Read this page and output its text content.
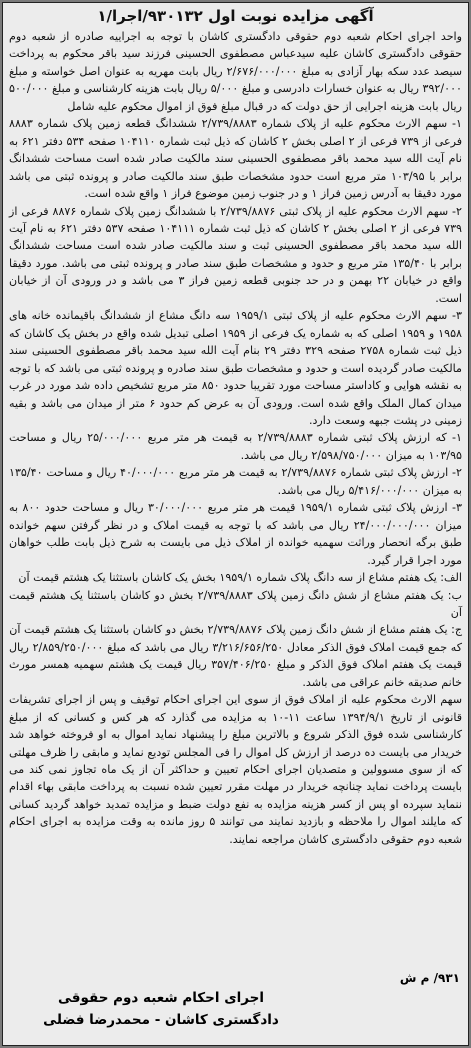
آگهی مزایده نوبت اول ۹۳۰۱۳۲/اجرا/۱

واحد اجرای احکام شعبه دوم حقوقی دادگستری کاشان با توجه به اجراییه صادره از شعبه دوم حقوقی دادگستری کاشان علیه سیدعباس مصطفوی الحسینی فرزند سید باقر محکوم به پرداخت سیصد عدد سکه بهار آزادی به مبلغ ۲/۶۷۶/۰۰۰/۰۰۰ ریال بابت مهریه به عنوان اصل خواسته و مبلغ ۳۹۲/۰۰۰ ریال به عنوان خسارات دادرسی و مبلغ ۵/۰۰۰ ریال بابت هزینه کارشناسی و مبلغ ۵۰۰/۰۰۰ ریال بابت هزینه اجرایی از حق دولت که در قبال مبلغ فوق از اموال محکوم علیه شامل

۱- سهم الارث محکوم علیه از پلاک شماره ۲/۷۳۹/۸۸۸۳ ششدانگ قطعه زمین پلاک شماره ۸۸۸۳ فرعی از ۷۳۹ فرعی از ۲ اصلی بخش ۲ کاشان که ذیل ثبت شماره ۱۰۴۱۱۰ صفحه ۵۳۴ دفتر ۶۲۱ به نام آیت الله سید محمد باقر مصطفوی الحسینی سند مالکیت صادر شده است مساحت ششدانگ برابر با ۱۰۳/۹۵ متر مربع است حدود مشخصات طبق سند مالکیت صادر و پرونده ثبتی می باشد مورد دقیقا به آدرس زمین فراز ۱ و در جنوب زمین موضوع فراز ۱ واقع شده است.

۲- سهم الارث محکوم علیه از پلاک ثبتی ۲/۷۳۹/۸۸۷۶ با ششدانگ زمین پلاک شماره ۸۸۷۶ فرعی از ۷۳۹ فرعی از ۲ اصلی بخش ۲ کاشان که ذیل ثبت شماره ۱۰۴۱۱۱ صفحه ۵۳۷ دفتر ۶۲۱ به نام آیت الله سید محمد باقر مصطفوی الحسینی ثبت و سند مالکیت صادر شده است مساحت ششدانگ برابر با ۱۳۵/۴۰ متر مربع و حدود و مشخصات طبق سند صادر و پرونده ثبتی می باشد. مورد دقیقا واقع در خیابان ۲۲ بهمن و در حد جنوبی قطعه زمین فراز ۳ می باشد و در ورودی آن از خیابان است.

۳- سهم الارث محکوم علیه از پلاک ثبتی ۱۹۵۹/۱ سه دانگ مشاع از ششدانگ باقیمانده خانه های ۱۹۵۸ و ۱۹۵۹ اصلی که به شماره یک فرعی از ۱۹۵۹ اصلی تبدیل شده واقع در بخش یک کاشان که ذیل ثبت شماره ۲۷۵۸ صفحه ۳۲۹ دفتر ۲۹ بنام آیت الله سید محمد باقر مصطفوی الحسینی سند مالکیت صادر گردیده است و حدود و مشخصات طبق سند صادره و پرونده ثبتی می باشد که با توجه به نقشه هوایی و کاداستر مساحت مورد تقریبا حدود ۸۵۰ متر مربع تشخیص داده شد مورد در غرب میدان کمال الملک واقع شده است. ورودی آن به عرض کم حدود ۶ متر از میدان می باشد و بقیه زمینی در پشت جبهه وسعت دارد.

۱- که ارزش پلاک ثبتی شماره ۲/۷۳۹/۸۸۸۳ به قیمت هر متر مربع ۲۵/۰۰۰/۰۰۰ ریال و مساحت ۱۰۳/۹۵ به میزان ۲/۵۹۸/۷۵۰/۰۰۰ ریال می باشد.

۲- ارزش پلاک ثبتی شماره ۲/۷۳۹/۸۸۷۶ به قیمت هر متر مربع ۴۰/۰۰۰/۰۰۰ ریال و مساحت ۱۳۵/۴۰ به میزان ۵/۴۱۶/۰۰۰/۰۰۰ ریال می باشد.

۳- ارزش پلاک ثبتی شماره ۱۹۵۹/۱ قیمت هر متر مربع ۳۰/۰۰۰/۰۰۰ ریال و مساحت حدود ۸۰۰ به میزان ۲۴/۰۰۰/۰۰۰/۰۰۰ ریال می باشد که با توجه به قیمت املاک و در نظر گرفتن سهم خوانده طبق برگه انحصار وراثت سهمیه خوانده از املاک ذیل می بایست به شرح ذیل بابت طلب خواهان مورد اجرا قرار گیرد.

الف: یک هفتم مشاع از سه دانگ پلاک شماره ۱۹۵۹/۱ بخش یک کاشان باستثنا یک هشتم قیمت آن

ب: یک هفتم مشاع از شش دانگ زمین پلاک ۲/۷۳۹/۸۸۸۳ بخش دو کاشان باستثنا یک هشتم قیمت آن

ج: یک هفتم مشاع از شش دانگ زمین پلاک ۲/۷۳۹/۸۸۷۶ بخش دو کاشان باستثنا یک هشتم قیمت آن

که جمع قیمت املاک فوق الذکر معادل ۳/۲۱۶/۶۵۶/۲۵۰ ریال می باشد که مبلغ ۲/۸۵۹/۲۵۰/۰۰۰ ریال قیمت یک هفتم املاک فوق الذکر و مبلغ ۳۵۷/۴۰۶/۲۵۰ ریال قیمت یک هشتم سهمیه همسر مورث خانم صدیقه خانم عراقی می باشد.

سهم الارث محکوم علیه از املاک فوق از سوی این اجرای احکام توقیف و پس از اجرای تشریفات قانونی از تاریخ ۱۳۹۴/۹/۱ ساعت ۱۱-۱۰ به مزایده می گذارد که هر کس و کسانی که از مبلغ کارشناسی شده فوق الذکر شروع و بالاترین مبلغ را پیشنهاد نماید اموال به او فروخته خواهد شد خریدار می بایست ده درصد از ارزش کل اموال را فی المجلس تودیع نماید و مابقی را ظرف مهلتی که از سوی مسوولین و متصدیان اجرای احکام تعیین و حداکثر آن از یک ماه تجاوز نمی کند می بایست پرداخت نماید چنانچه خریدار در مهلت مقرر تعیین شده نسبت به پرداخت مابقی بهاء اقدام ننماید سپرده او پس از کسر هزینه مزایده به نفع دولت ضبط و مزایده تمدید خواهد گردید کسانی که مایلند اموال را ملاحظه و بازدید نمایند می توانند ۵ روز مانده به وقت مزایده به اجرای احکام شعبه دوم حقوقی دادگستری کاشان مراجعه نمایند.

۹۳۱/ م ش
اجرای احکام شعبه دوم حقوقی
دادگستری کاشان - محمدرضا فضلی
